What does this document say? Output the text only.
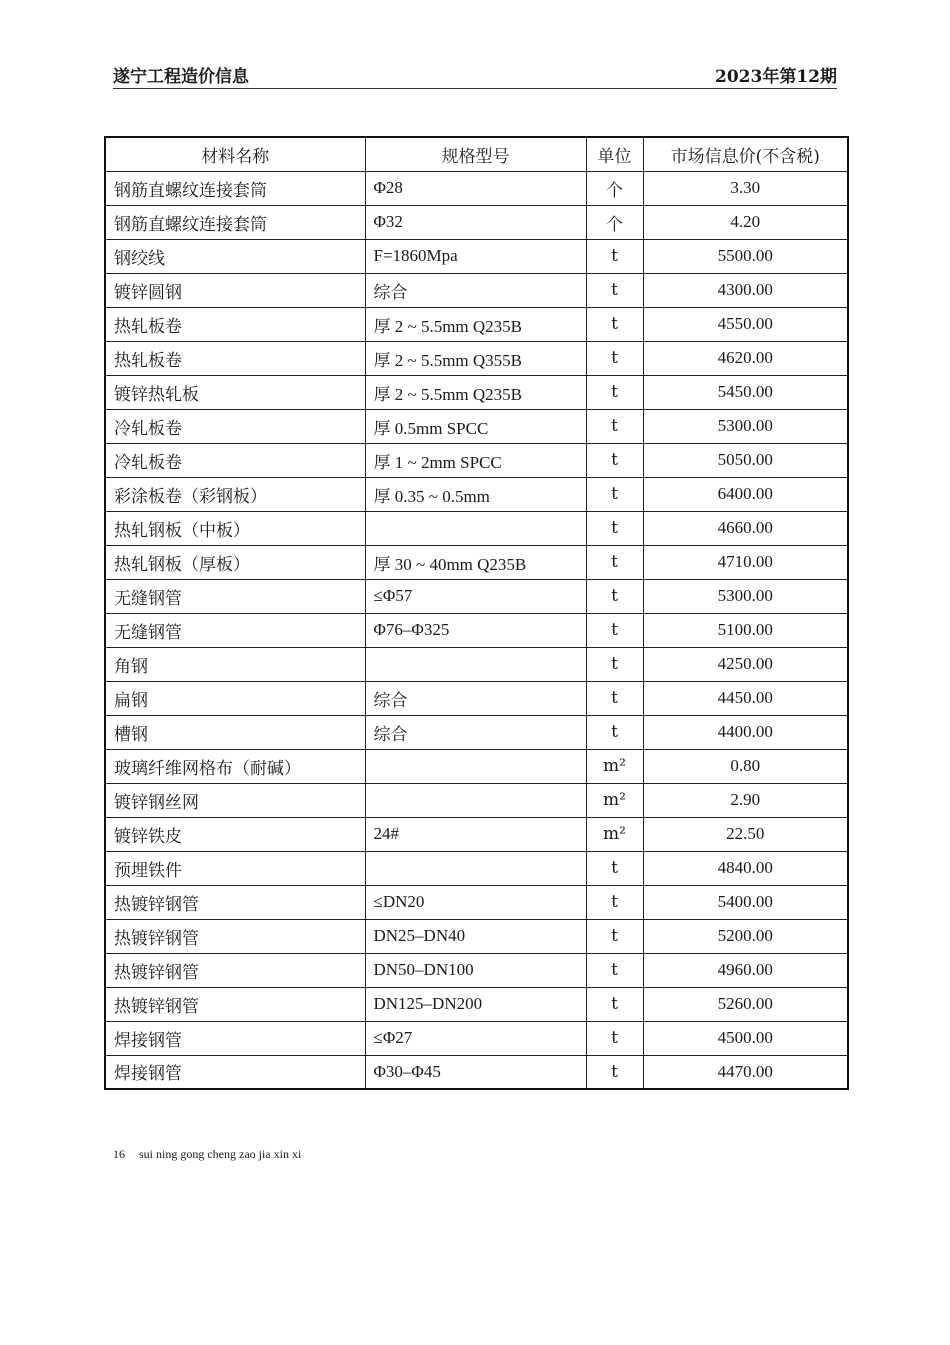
遂宁工程造价信息	2023年第12期
材料名称	规格型号	单位	市场信息价(不含税)
钢筋直螺纹连接套筒	Φ28	个	3.30
钢筋直螺纹连接套筒	Φ32	个	4.20
钢绞线	F=1860Mpa	t	5500.00
镀锌圆钢	综合	t	4300.00
热轧板卷	厚 2 ~ 5.5mm Q235B	t	4550.00
热轧板卷	厚 2 ~ 5.5mm Q355B	t	4620.00
镀锌热轧板	厚 2 ~ 5.5mm Q235B	t	5450.00
冷轧板卷	厚 0.5mm SPCC	t	5300.00
冷轧板卷	厚 1 ~ 2mm SPCC	t	5050.00
彩涂板卷（彩钢板）	厚 0.35 ~ 0.5mm	t	6400.00
热轧钢板（中板）		t	4660.00
热轧钢板（厚板）	厚 30 ~ 40mm Q235B	t	4710.00
无缝钢管	≤Φ57	t	5300.00
无缝钢管	Φ76–Φ325	t	5100.00
角钢		t	4250.00
扁钢	综合	t	4450.00
槽钢	综合	t	4400.00
玻璃纤维网格布（耐碱）		m²	0.80
镀锌钢丝网		m²	2.90
镀锌铁皮	24#	m²	22.50
预埋铁件		t	4840.00
热镀锌钢管	≤DN20	t	5400.00
热镀锌钢管	DN25–DN40	t	5200.00
热镀锌钢管	DN50–DN100	t	4960.00
热镀锌钢管	DN125–DN200	t	5260.00
焊接钢管	≤Φ27	t	4500.00
焊接钢管	Φ30–Φ45	t	4470.00
16 sui ning gong cheng zao jia xin xi
